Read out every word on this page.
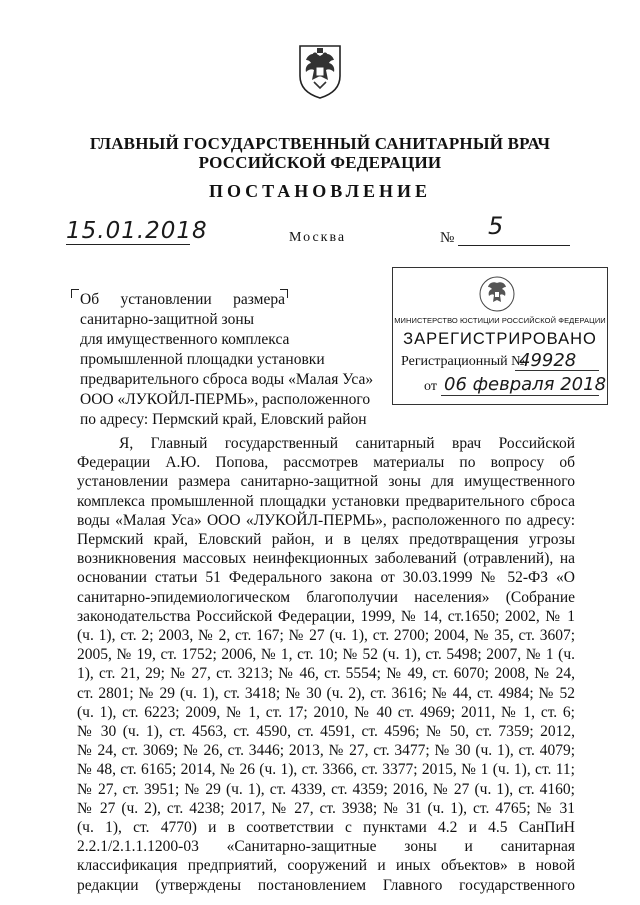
ГЛАВНЫЙ ГОСУДАРСТВЕННЫЙ САНИТАРНЫЙ ВРАЧ
РОССИЙСКОЙ ФЕДЕРАЦИИ
ПОСТАНОВЛЕНИЕ
15.01.2018	Москва	№ 5
Об установлении размера
санитарно-защитной зоны
для имущественного комплекса
промышленной площадки установки
предварительного сброса воды «Малая Уса»
ООО «ЛУКОЙЛ-ПЕРМЬ», расположенного
по адресу: Пермский край, Еловский район
МИНИСТЕРСТВО ЮСТИЦИИ РОССИЙСКОЙ ФЕДЕРАЦИИ
ЗАРЕГИСТРИРОВАНО
Регистрационный №
49928
от 06 февраля 2018
Я, Главный государственный санитарный врач Российской
Федерации А.Ю. Попова, рассмотрев материалы по вопросу об
установлении размера санитарно-защитной зоны для имущественного
комплекса промышленной площадки установки предварительного сброса
воды «Малая Уса» ООО «ЛУКОЙЛ-ПЕРМЬ», расположенного по адресу:
Пермский край, Еловский район, и в целях предотвращения угрозы
возникновения массовых неинфекционных заболеваний (отравлений), на
основании статьи 51 Федерального закона от 30.03.1999 № 52-ФЗ «О
санитарно-эпидемиологическом благополучии населения» (Собрание
законодательства Российской Федерации, 1999, № 14, ст.1650; 2002, № 1
(ч. 1), ст. 2; 2003, № 2, ст. 167; № 27 (ч. 1), ст. 2700; 2004, № 35, ст. 3607;
2005, № 19, ст. 1752; 2006, № 1, ст. 10; № 52 (ч. 1), ст. 5498; 2007, № 1 (ч.
1), ст. 21, 29; № 27, ст. 3213; № 46, ст. 5554; № 49, ст. 6070; 2008, № 24,
ст. 2801; № 29 (ч. 1), ст. 3418; № 30 (ч. 2), ст. 3616; № 44, ст. 4984; № 52
(ч. 1), ст. 6223; 2009, № 1, ст. 17; 2010, № 40 ст. 4969; 2011, № 1, ст. 6;
№ 30 (ч. 1), ст. 4563, ст. 4590, ст. 4591, ст. 4596; № 50, ст. 7359; 2012,
№ 24, ст. 3069; № 26, ст. 3446; 2013, № 27, ст. 3477; № 30 (ч. 1), ст. 4079;
№ 48, ст. 6165; 2014, № 26 (ч. 1), ст. 3366, ст. 3377; 2015, № 1 (ч. 1), ст. 11;
№ 27, ст. 3951; № 29 (ч. 1), ст. 4339, ст. 4359; 2016, № 27 (ч. 1), ст. 4160;
№ 27 (ч. 2), ст. 4238; 2017, № 27, ст. 3938; № 31 (ч. 1), ст. 4765; № 31
(ч. 1), ст. 4770) и в соответствии с пунктами 4.2 и 4.5 СанПиН
2.2.1/2.1.1.1200-03 «Санитарно-защитные зоны и санитарная
классификация предприятий, сооружений и иных объектов» в новой
редакции (утверждены постановлением Главного государственного
